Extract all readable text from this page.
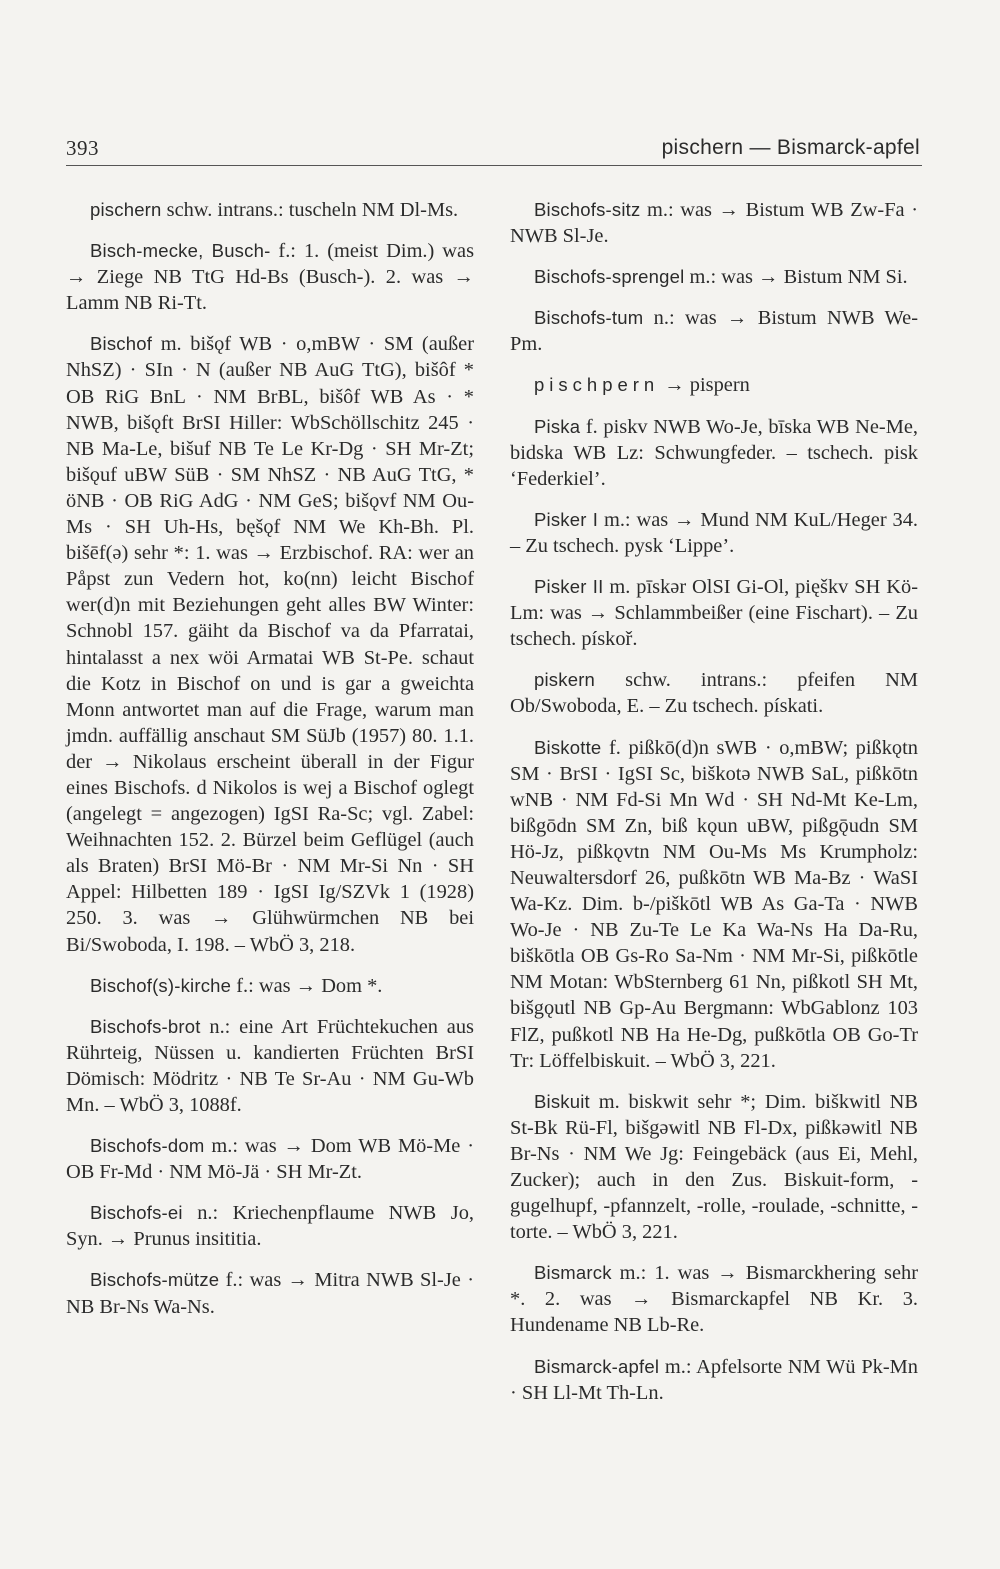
393	pischern — Bismarck-apfel

pischern schw. intrans.: tuscheln NM Dl-Ms.

Bisch-mecke, Busch- f.: 1. (meist Dim.) was → Ziege NB TtG Hd-Bs (Busch-). 2. was → Lamm NB Ri-Tt.

Bischof m. bišǫf WB · o,mBW · SM (außer NhSZ) · SIn · N (außer NB AuG TtG), bišôf * OB RiG BnL · NM BrBL, bišôf WB As · * NWB, bišǫft BrSI Hiller: WbSchöllschitz 245 · NB Ma-Le, bišuf NB Te Le Kr-Dg · SH Mr-Zt; bišǫuf uBW SüB · SM NhSZ · NB AuG TtG, * öNB · OB RiG AdG · NM GeS; bišǫvf NM Ou-Ms · SH Uh-Hs, bęšǫf NM We Kh-Bh. Pl. bišēf(ə) sehr *: 1. was → Erzbischof. RA: wer an Påpst zun Vedern hot, ko(nn) leicht Bischof wer(d)n mit Beziehungen geht alles BW Winter: Schnobl 157. gäiht da Bischof va da Pfarratai, hintalasst a nex wöi Armatai WB St-Pe. schaut die Kotz in Bischof on und is gar a gweichta Monn antwortet man auf die Frage, warum man jmdn. auffällig anschaut SM SüJb (1957) 80. 1.1. der → Nikolaus erscheint überall in der Figur eines Bischofs. d Nikolos is wej a Bischof oglegt (angelegt = angezogen) IgSI Ra-Sc; vgl. Zabel: Weihnachten 152. 2. Bürzel beim Geflügel (auch als Braten) BrSI Mö-Br · NM Mr-Si Nn · SH Appel: Hilbetten 189 · IgSI Ig/SZVk 1 (1928) 250. 3. was → Glühwürmchen NB bei Bi/Swoboda, I. 198. – WbÖ 3, 218.

Bischof(s)-kirche f.: was → Dom *.

Bischofs-brot n.: eine Art Früchtekuchen aus Rührteig, Nüssen u. kandierten Früchten BrSI Dömisch: Mödritz · NB Te Sr-Au · NM Gu-Wb Mn. – WbÖ 3, 1088f.

Bischofs-dom m.: was → Dom WB Mö-Me · OB Fr-Md · NM Mö-Jä · SH Mr-Zt.

Bischofs-ei n.: Kriechenpflaume NWB Jo, Syn. → Prunus insititia.

Bischofs-mütze f.: was → Mitra NWB Sl-Je · NB Br-Ns Wa-Ns.

Bischofs-sitz m.: was → Bistum WB Zw-Fa · NWB Sl-Je.

Bischofs-sprengel m.: was → Bistum NM Si.

Bischofs-tum n.: was → Bistum NWB We-Pm.

pischpern → pispern

Piska f. piskv NWB Wo-Je, bīska WB Ne-Me, bidska WB Lz: Schwungfeder. – tschech. pisk ‘Federkiel’.

Pisker I m.: was → Mund NM KuL/Heger 34. – Zu tschech. pysk ‘Lippe’.

Pisker II m. pīskər OlSI Gi-Ol, pięškv SH Kö-Lm: was → Schlammbeißer (eine Fischart). – Zu tschech. pískoř.

piskern schw. intrans.: pfeifen NM Ob/Swoboda, E. – Zu tschech. pískati.

Biskotte f. pißkō(d)n sWB · o,mBW; pißkǫtn SM · BrSI · IgSI Sc, biškotə NWB SaL, pißkōtn wNB · NM Fd-Si Mn Wd · SH Nd-Mt Ke-Lm, bißgōdn SM Zn, biß kǫun uBW, pißgǭudn SM Hö-Jz, pißkǫvtn NM Ou-Ms Ms Krumpholz: Neuwaltersdorf 26, pußkōtn WB Ma-Bz · WaSI Wa-Kz. Dim. b-/piškōtl WB As Ga-Ta · NWB Wo-Je · NB Zu-Te Le Ka Wa-Ns Ha Da-Ru, biškōtla OB Gs-Ro Sa-Nm · NM Mr-Si, pißkōtle NM Motan: WbSternberg 61 Nn, pißkotl SH Mt, bišgǫutl NB Gp-Au Bergmann: WbGablonz 103 FlZ, pußkotl NB Ha He-Dg, pußkōtla OB Go-Tr Tr: Löffelbiskuit. – WbÖ 3, 221.

Biskuit m. biskwit sehr *; Dim. biškwitl NB St-Bk Rü-Fl, bišgəwitl NB Fl-Dx, pißkəwitl NB Br-Ns · NM We Jg: Feingebäck (aus Ei, Mehl, Zucker); auch in den Zus. Biskuit-form, -gugelhupf, -pfannzelt, -rolle, -roulade, -schnitte, -torte. – WbÖ 3, 221.

Bismarck m.: 1. was → Bismarckhering sehr *. 2. was → Bismarckapfel NB Kr. 3. Hundename NB Lb-Re.

Bismarck-apfel m.: Apfelsorte NM Wü Pk-Mn · SH Ll-Mt Th-Ln.
